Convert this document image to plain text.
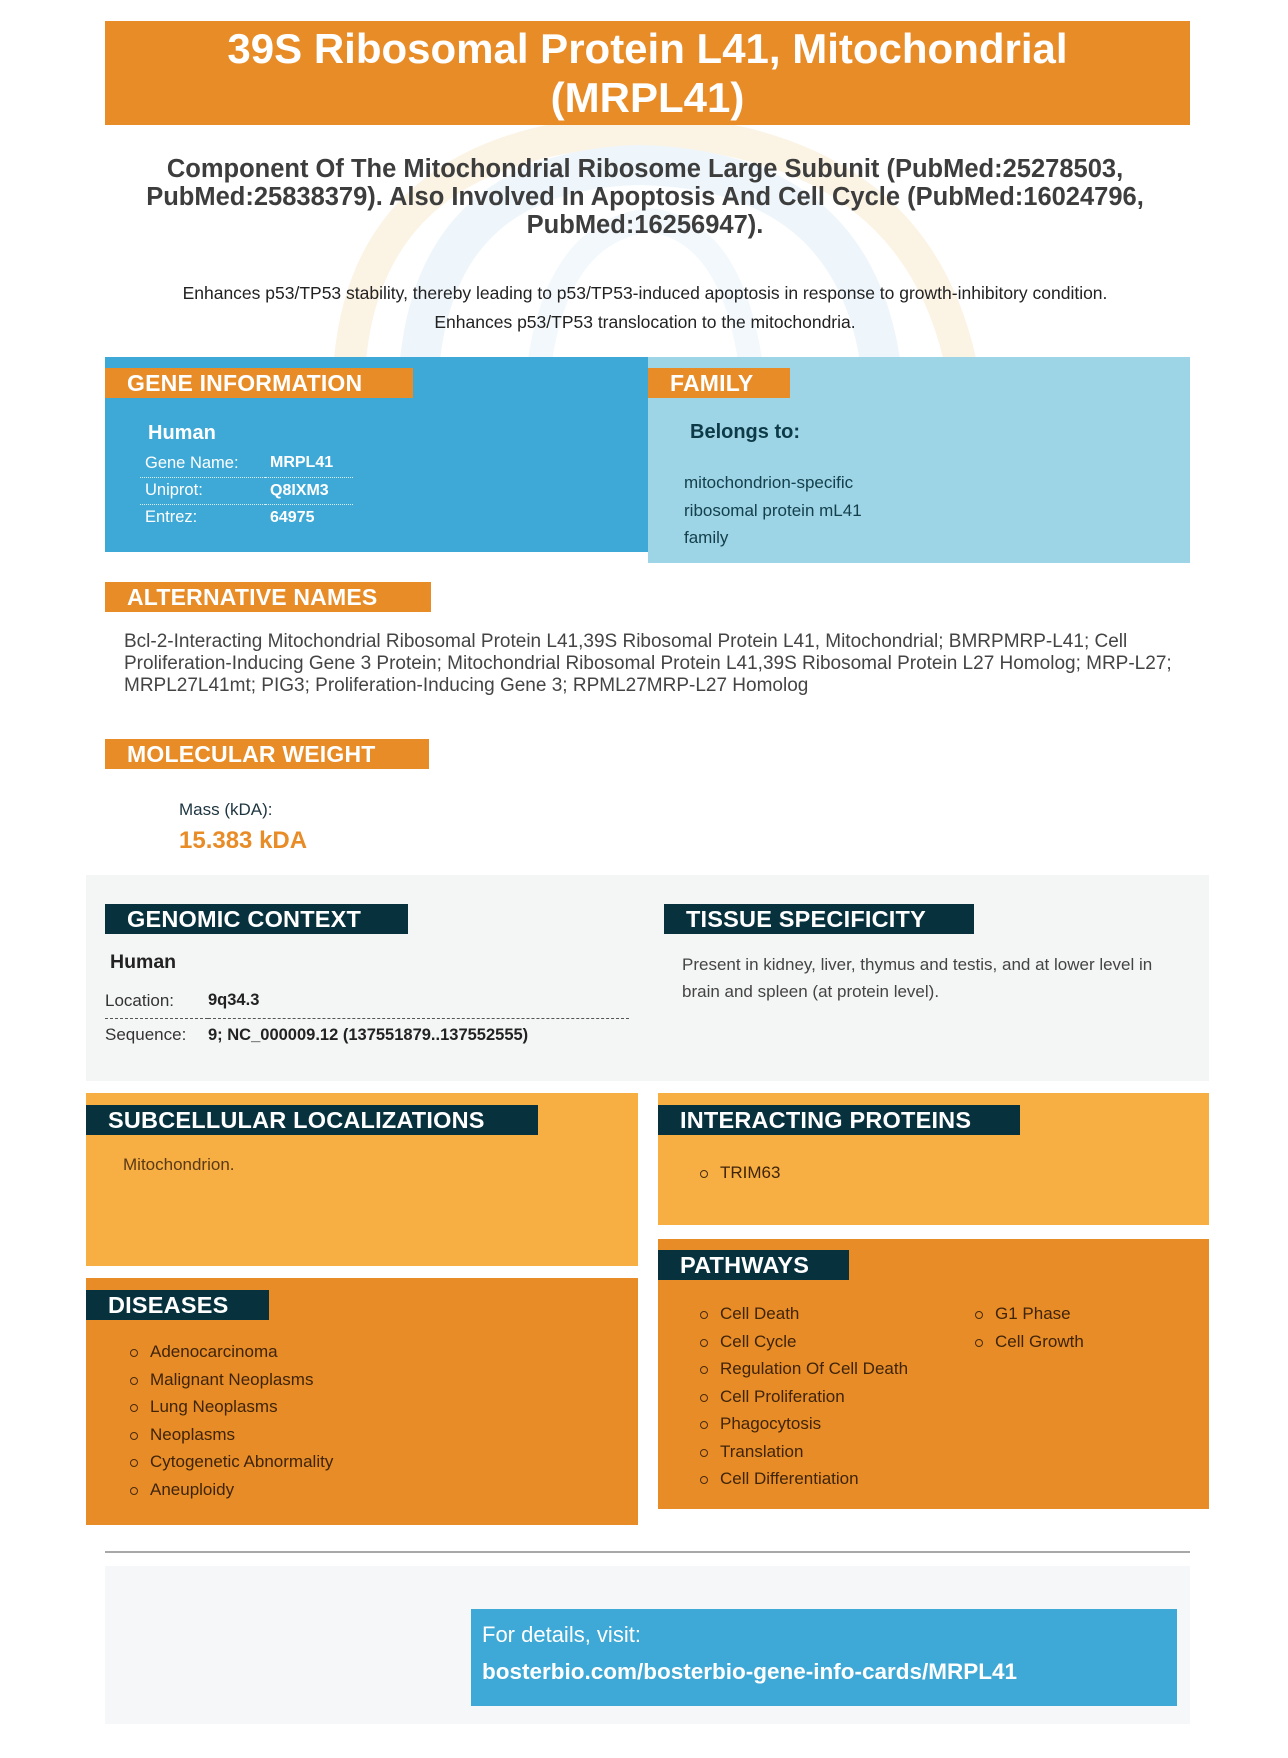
39S Ribosomal Protein L41, Mitochondrial (MRPL41)
Component Of The Mitochondrial Ribosome Large Subunit (PubMed:25278503, PubMed:25838379). Also Involved In Apoptosis And Cell Cycle (PubMed:16024796, PubMed:16256947).
Enhances p53/TP53 stability, thereby leading to p53/TP53-induced apoptosis in response to growth-inhibitory condition.
Enhances p53/TP53 translocation to the mitochondria.
GENE INFORMATION
Human
Gene Name:	MRPL41
Uniprot:	Q8IXM3
Entrez:	64975
FAMILY
Belongs to:
mitochondrion-specific
ribosomal protein mL41
family
ALTERNATIVE NAMES
Bcl-2-Interacting Mitochondrial Ribosomal Protein L41,39S Ribosomal Protein L41, Mitochondrial; BMRPMRP-L41; Cell Proliferation-Inducing Gene 3 Protein; Mitochondrial Ribosomal Protein L41,39S Ribosomal Protein L27 Homolog; MRP-L27; MRPL27L41mt; PIG3; Proliferation-Inducing Gene 3; RPML27MRP-L27 Homolog
MOLECULAR WEIGHT
Mass (kDA):
15.383 kDA
GENOMIC CONTEXT
Human
Location:	9q34.3
Sequence:	9; NC_000009.12 (137551879..137552555)
TISSUE SPECIFICITY
Present in kidney, liver, thymus and testis, and at lower level in brain and spleen (at protein level).
SUBCELLULAR LOCALIZATIONS
Mitochondrion.
INTERACTING PROTEINS
TRIM63
DISEASES
Adenocarcinoma
Malignant Neoplasms
Lung Neoplasms
Neoplasms
Cytogenetic Abnormality
Aneuploidy
PATHWAYS
Cell Death
Cell Cycle
Regulation Of Cell Death
Cell Proliferation
Phagocytosis
Translation
Cell Differentiation
G1 Phase
Cell Growth
For details, visit:
bosterbio.com/bosterbio-gene-info-cards/MRPL41
